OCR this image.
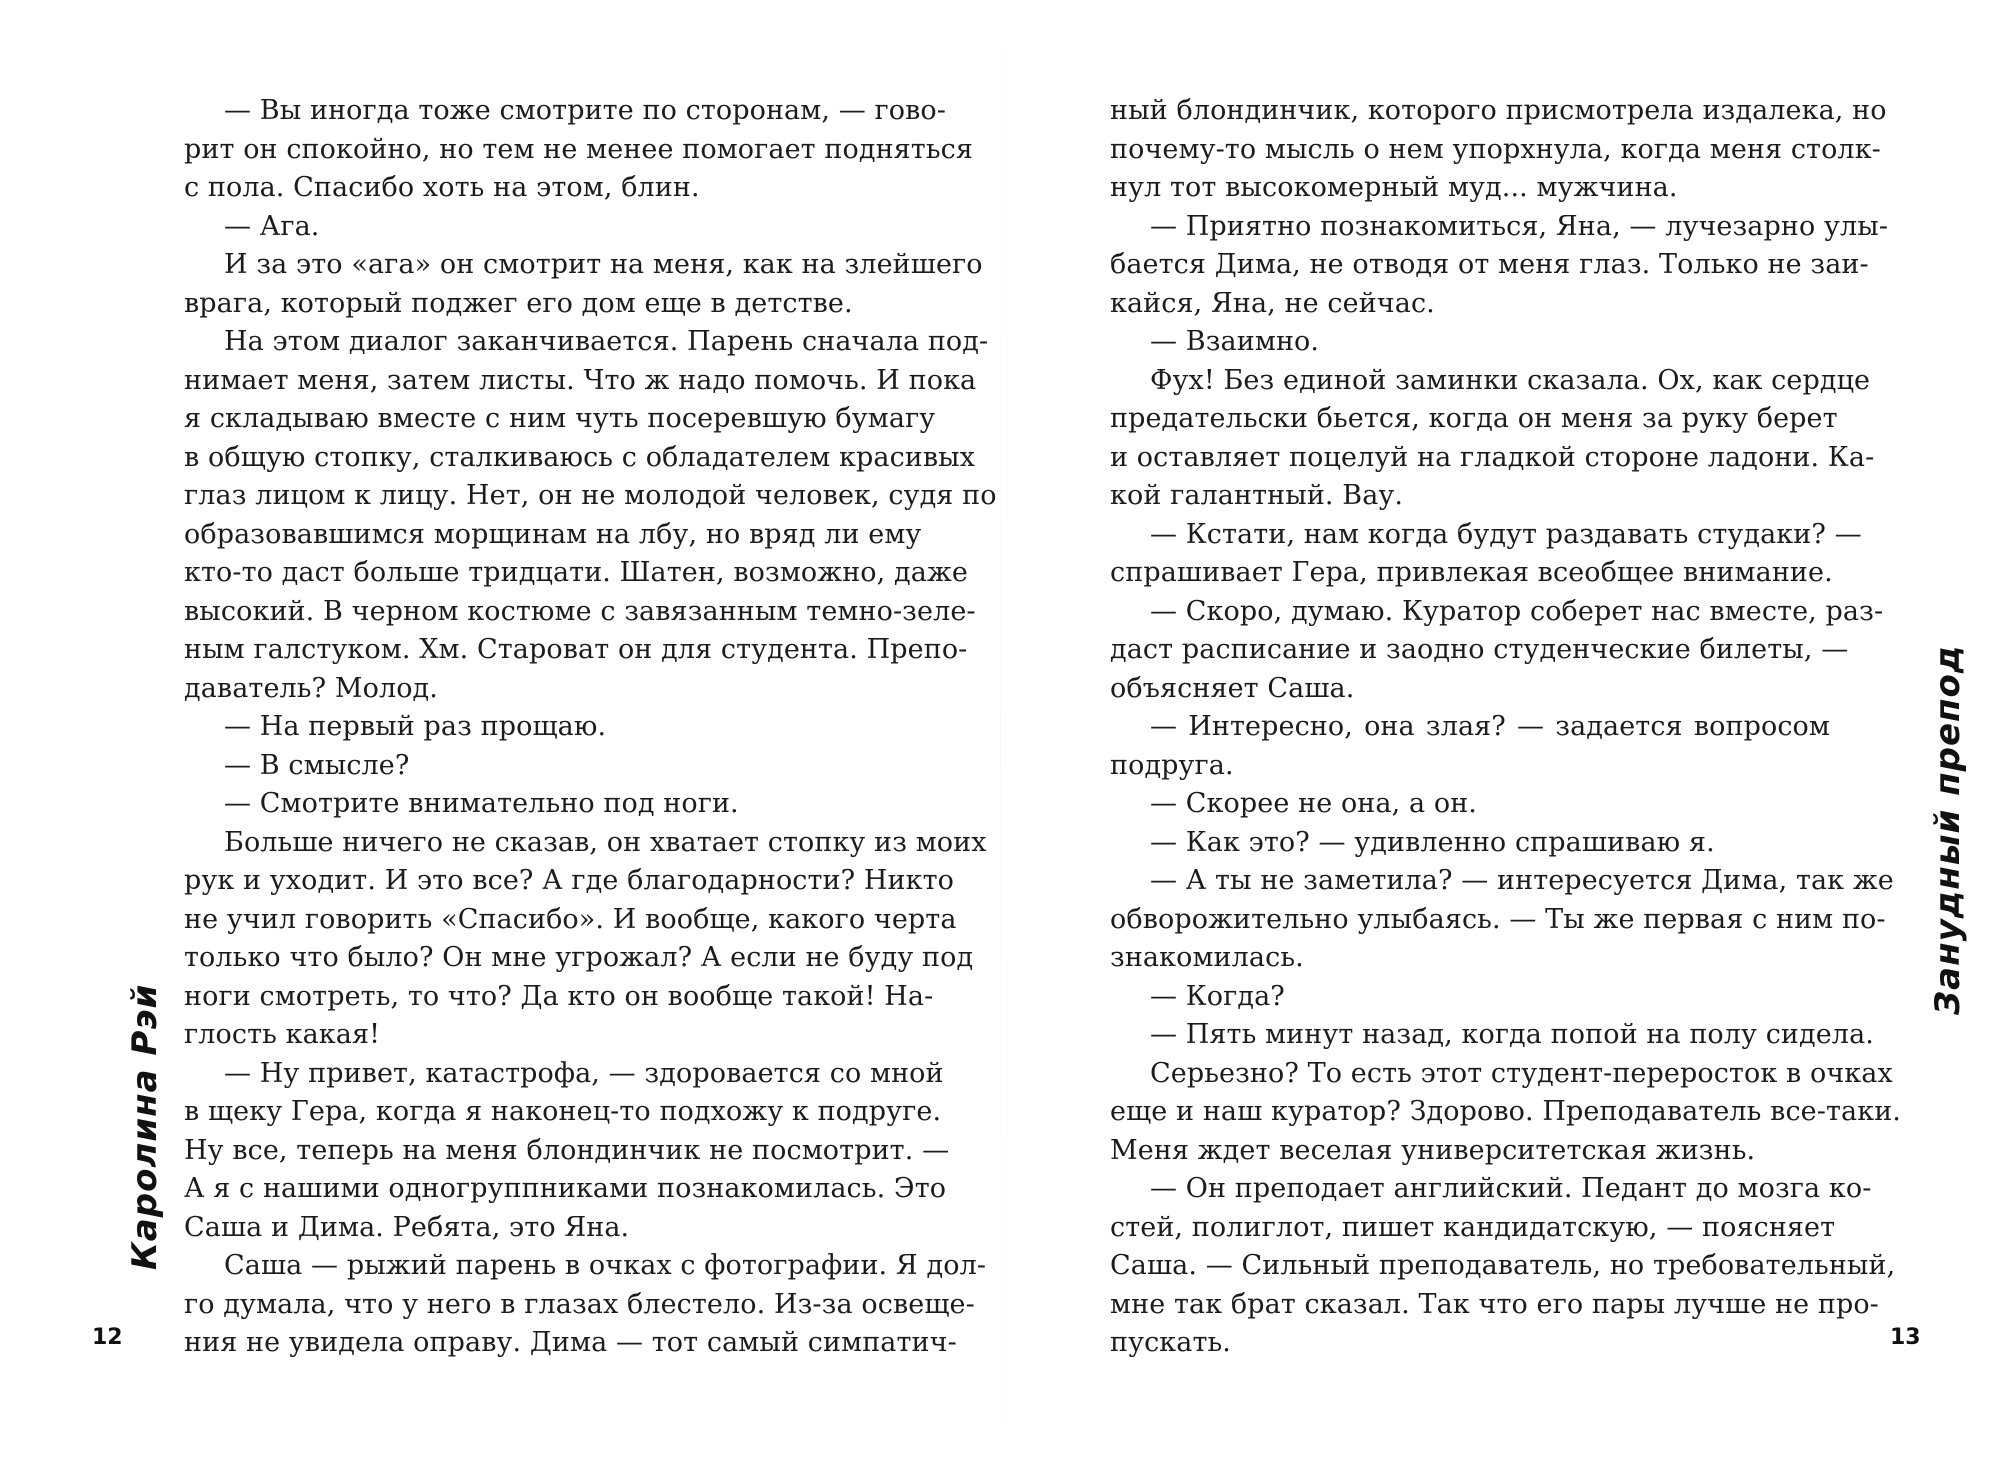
Каролина Рэй
12
— Вы иногда тоже смотрите по сторонам, — гово-
рит он спокойно, но тем не менее помогает подняться
с пола. Спасибо хоть на этом, блин.
— Ага.
И за это «ага» он смотрит на меня, как на злейшего
врага, который поджег его дом еще в детстве.
На этом диалог заканчивается. Парень сначала под-
нимает меня, затем листы. Что ж надо помочь. И пока
я складываю вместе с ним чуть посеревшую бумагу
в общую стопку, сталкиваюсь с обладателем красивых
глаз лицом к лицу. Нет, он не молодой человек, судя по
образовавшимся морщинам на лбу, но вряд ли ему
кто-то даст больше тридцати. Шатен, возможно, даже
высокий. В черном костюме с завязанным темно-зеле-
ным галстуком. Хм. Староват он для студента. Препо-
даватель? Молод.
— На первый раз прощаю.
— В смысле?
— Смотрите внимательно под ноги.
Больше ничего не сказав, он хватает стопку из моих
рук и уходит. И это все? А где благодарности? Никто
не учил говорить «Спасибо». И вообще, какого черта
только что было? Он мне угрожал? А если не буду под
ноги смотреть, то что? Да кто он вообще такой! На-
глость какая!
— Ну привет, катастрофа, — здоровается со мной
в щеку Гера, когда я наконец-то подхожу к подруге.
Ну все, теперь на меня блондинчик не посмотрит. —
А я с нашими одногруппниками познакомилась. Это
Саша и Дима. Ребята, это Яна.
Саша — рыжий парень в очках с фотографии. Я дол-
го думала, что у него в глазах блестело. Из-за освеще-
ния не увидела оправу. Дима — тот самый симпатич-
Занудный препод
13
ный блондинчик, которого присмотрела издалека, но
почему-то мысль о нем упорхнула, когда меня столк-
нул тот высокомерный муд... мужчина.
— Приятно познакомиться, Яна, — лучезарно улы-
бается Дима, не отводя от меня глаз. Только не заи-
кайся, Яна, не сейчас.
— Взаимно.
Фух! Без единой заминки сказала. Ох, как сердце
предательски бьется, когда он меня за руку берет
и оставляет поцелуй на гладкой стороне ладони. Ка-
кой галантный. Вау.
— Кстати, нам когда будут раздавать студаки? —
спрашивает Гера, привлекая всеобщее внимание.
— Скоро, думаю. Куратор соберет нас вместе, раз-
даст расписание и заодно студенческие билеты, —
объясняет Саша.
— Интересно, она злая? — задается вопросом
подруга.
— Скорее не она, а он.
— Как это? — удивленно спрашиваю я.
— А ты не заметила? — интересуется Дима, так же
обворожительно улыбаясь. — Ты же первая с ним по-
знакомилась.
— Когда?
— Пять минут назад, когда попой на полу сидела.
Серьезно? То есть этот студент-переросток в очках
еще и наш куратор? Здорово. Преподаватель все-таки.
Меня ждет веселая университетская жизнь.
— Он преподает английский. Педант до мозга ко-
стей, полиглот, пишет кандидатскую, — поясняет
Саша. — Сильный преподаватель, но требовательный,
мне так брат сказал. Так что его пары лучше не про-
пускать.
